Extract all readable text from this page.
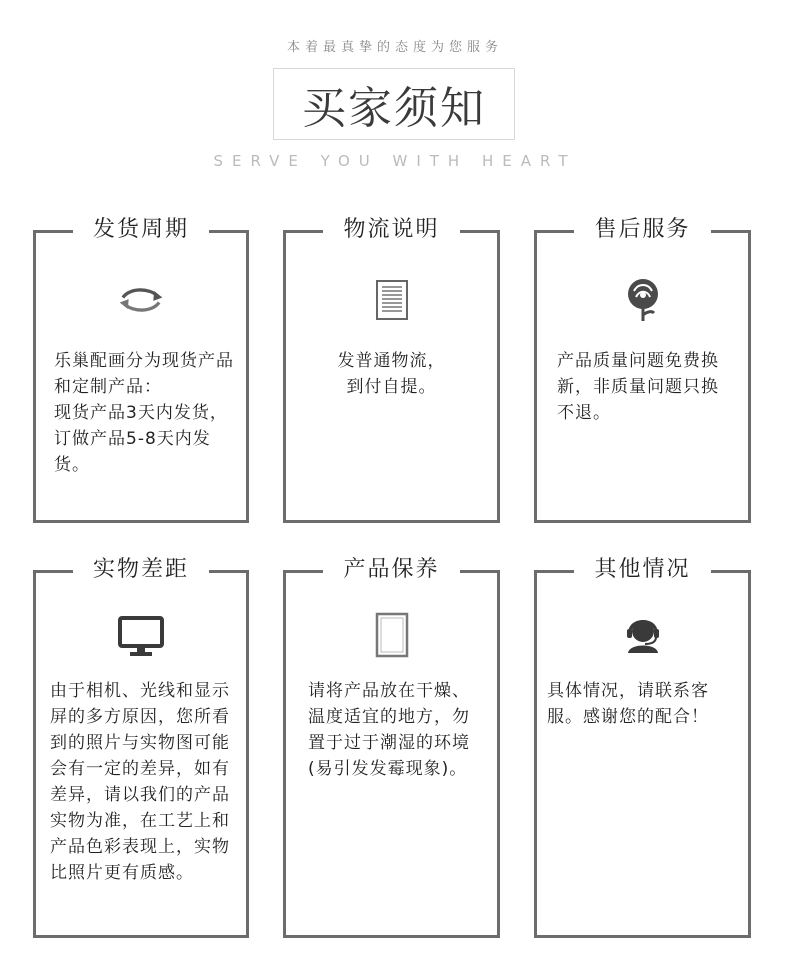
本着最真挚的态度为您服务
买家须知
SERVE YOU WITH HEART
发货周期
乐巢配画分为现货产品和定制产品：
现货产品3天内发货，订做产品5-8天内发货。
物流说明
发普通物流，
到付自提。
售后服务
产品质量问题免费换新，非质量问题只换不退。
实物差距
由于相机、光线和显示屏的多方原因，您所看到的照片与实物图可能会有一定的差异，如有差异，请以我们的产品实物为准，在工艺上和产品色彩表现上，实物比照片更有质感。
产品保养
请将产品放在干燥、温度适宜的地方，勿置于过于潮湿的环境(易引发发霉现象)。
其他情况
具体情况，请联系客服。感谢您的配合！
